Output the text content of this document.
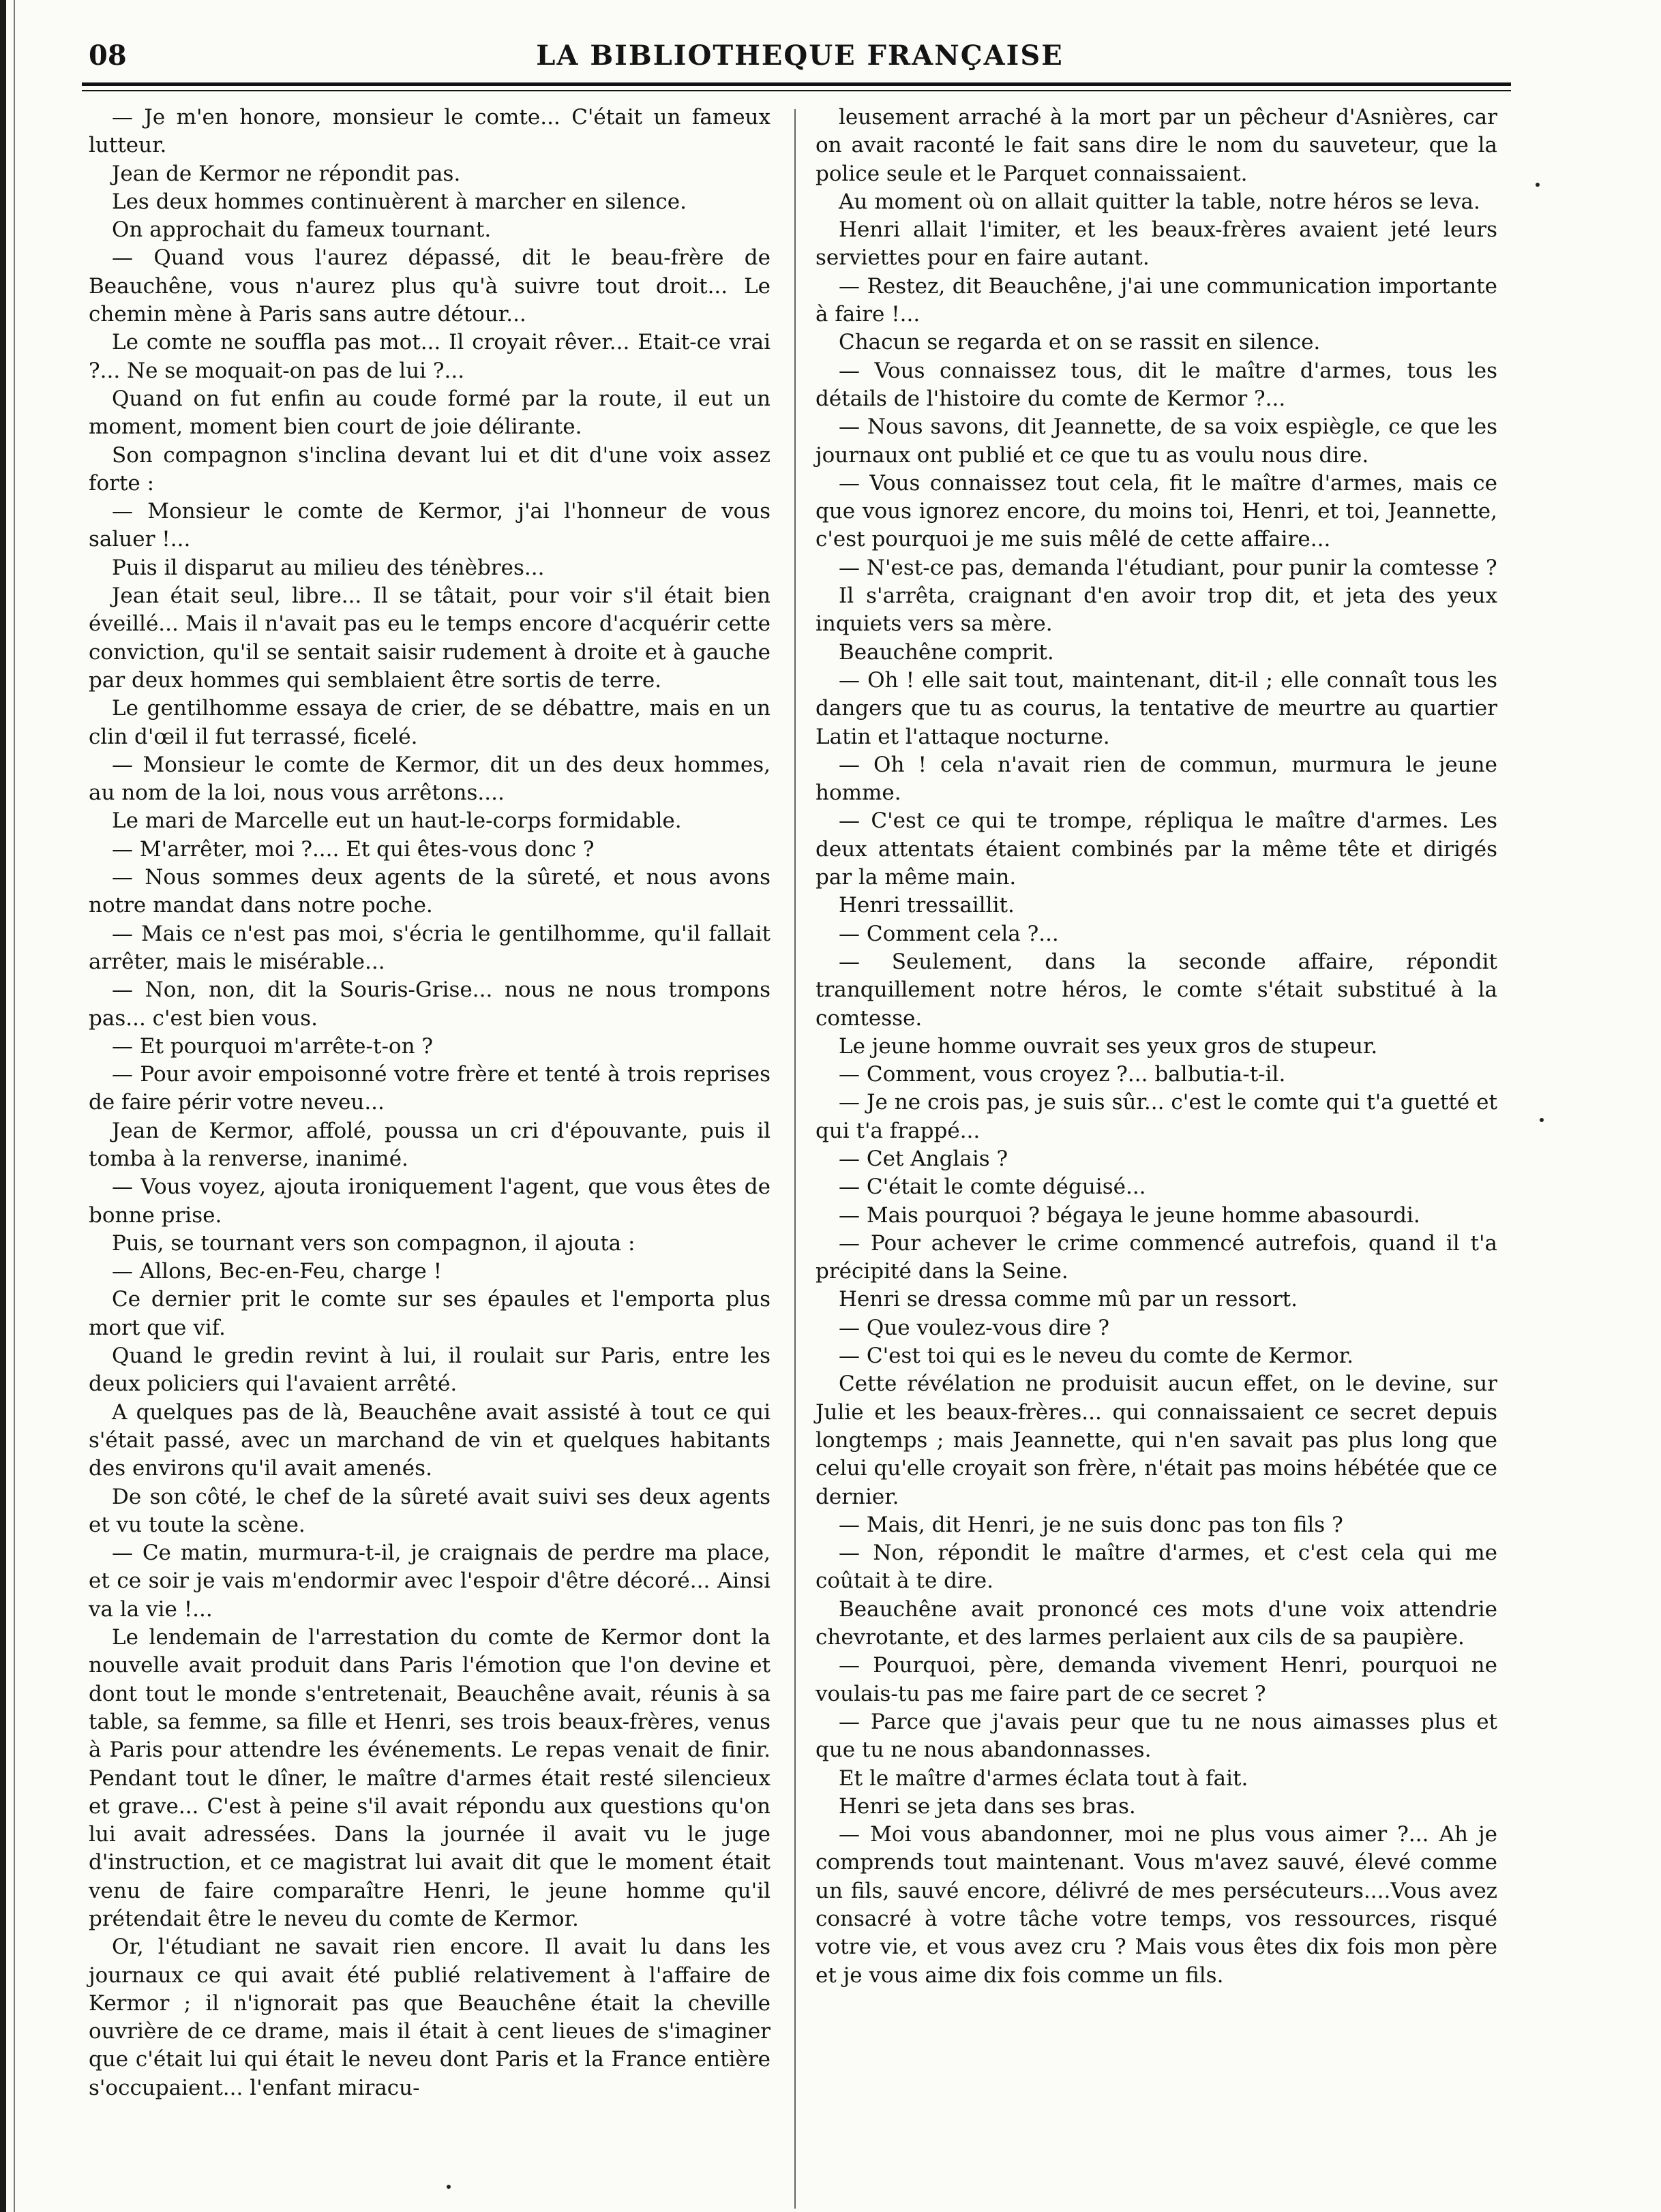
08	LA BIBLIOTHEQUE FRANÇAISE

— Je m'en honore, monsieur le comte... C'était un fameux lutteur.

Jean de Kermor ne répondit pas.

Les deux hommes continuèrent à marcher en silence.

On approchait du fameux tournant.

— Quand vous l'aurez dépassé, dit le beau-frère de Beauchêne, vous n'aurez plus qu'à suivre tout droit... Le chemin mène à Paris sans autre détour...

Le comte ne souffla pas mot... Il croyait rêver... Etait-ce vrai ?... Ne se moquait-on pas de lui ?...

Quand on fut enfin au coude formé par la route, il eut un moment, moment bien court de joie délirante.

Son compagnon s'inclina devant lui et dit d'une voix assez forte :

— Monsieur le comte de Kermor, j'ai l'honneur de vous saluer !...

Puis il disparut au milieu des ténèbres...

Jean était seul, libre... Il se tâtait, pour voir s'il était bien éveillé... Mais il n'avait pas eu le temps encore d'acquérir cette conviction, qu'il se sentait saisir rudement à droite et à gauche par deux hommes qui semblaient être sortis de terre.

Le gentilhomme essaya de crier, de se débattre, mais en un clin d'œil il fut terrassé, ficelé.

— Monsieur le comte de Kermor, dit un des deux hommes, au nom de la loi, nous vous arrêtons....

Le mari de Marcelle eut un haut-le-corps formidable.

— M'arrêter, moi ?.... Et qui êtes-vous donc ?

— Nous sommes deux agents de la sûreté, et nous avons notre mandat dans notre poche.

— Mais ce n'est pas moi, s'écria le gentilhomme, qu'il fallait arrêter, mais le misérable...

— Non, non, dit la Souris-Grise... nous ne nous trompons pas... c'est bien vous.

— Et pourquoi m'arrête-t-on ?

— Pour avoir empoisonné votre frère et tenté à trois reprises de faire périr votre neveu...

Jean de Kermor, affolé, poussa un cri d'épouvante, puis il tomba à la renverse, inanimé.

— Vous voyez, ajouta ironiquement l'agent, que vous êtes de bonne prise.

Puis, se tournant vers son compagnon, il ajouta :

— Allons, Bec-en-Feu, charge !

Ce dernier prit le comte sur ses épaules et l'emporta plus mort que vif.

Quand le gredin revint à lui, il roulait sur Paris, entre les deux policiers qui l'avaient arrêté.

A quelques pas de là, Beauchêne avait assisté à tout ce qui s'était passé, avec un marchand de vin et quelques habitants des environs qu'il avait amenés.

De son côté, le chef de la sûreté avait suivi ses deux agents et vu toute la scène.

— Ce matin, murmura-t-il, je craignais de perdre ma place, et ce soir je vais m'endormir avec l'espoir d'être décoré... Ainsi va la vie !...

Le lendemain de l'arrestation du comte de Kermor dont la nouvelle avait produit dans Paris l'émotion que l'on devine et dont tout le monde s'entretenait, Beauchêne avait, réunis à sa table, sa femme, sa fille et Henri, ses trois beaux-frères, venus à Paris pour attendre les événements. Le repas venait de finir. Pendant tout le dîner, le maître d'armes était resté silencieux et grave... C'est à peine s'il avait répondu aux questions qu'on lui avait adressées. Dans la journée il avait vu le juge d'instruction, et ce magistrat lui avait dit que le moment était venu de faire comparaître Henri, le jeune homme qu'il prétendait être le neveu du comte de Kermor.

Or, l'étudiant ne savait rien encore. Il avait lu dans les journaux ce qui avait été publié relativement à l'affaire de Kermor ; il n'ignorait pas que Beauchêne était la cheville ouvrière de ce drame, mais il était à cent lieues de s'imaginer que c'était lui qui était le neveu dont Paris et la France entière s'occupaient... l'enfant miracu-

leusement arraché à la mort par un pêcheur d'Asnières, car on avait raconté le fait sans dire le nom du sauveteur, que la police seule et le Parquet connaissaient.

Au moment où on allait quitter la table, notre héros se leva.

Henri allait l'imiter, et les beaux-frères avaient jeté leurs serviettes pour en faire autant.

— Restez, dit Beauchêne, j'ai une communication importante à faire !...

Chacun se regarda et on se rassit en silence.

— Vous connaissez tous, dit le maître d'armes, tous les détails de l'histoire du comte de Kermor ?...

— Nous savons, dit Jeannette, de sa voix espiègle, ce que les journaux ont publié et ce que tu as voulu nous dire.

— Vous connaissez tout cela, fit le maître d'armes, mais ce que vous ignorez encore, du moins toi, Henri, et toi, Jeannette, c'est pourquoi je me suis mêlé de cette affaire...

— N'est-ce pas, demanda l'étudiant, pour punir la comtesse ?

Il s'arrêta, craignant d'en avoir trop dit, et jeta des yeux inquiets vers sa mère.

Beauchêne comprit.

— Oh ! elle sait tout, maintenant, dit-il ; elle connaît tous les dangers que tu as courus, la tentative de meurtre au quartier Latin et l'attaque nocturne.

— Oh ! cela n'avait rien de commun, murmura le jeune homme.

— C'est ce qui te trompe, répliqua le maître d'armes. Les deux attentats étaient combinés par la même tête et dirigés par la même main.

Henri tressaillit.

— Comment cela ?...

— Seulement, dans la seconde affaire, répondit tranquillement notre héros, le comte s'était substitué à la comtesse.

Le jeune homme ouvrait ses yeux gros de stupeur.

— Comment, vous croyez ?... balbutia-t-il.

— Je ne crois pas, je suis sûr... c'est le comte qui t'a guetté et qui t'a frappé...

— Cet Anglais ?

— C'était le comte déguisé...

— Mais pourquoi ? bégaya le jeune homme abasourdi.

— Pour achever le crime commencé autrefois, quand il t'a précipité dans la Seine.

Henri se dressa comme mû par un ressort.

— Que voulez-vous dire ?

— C'est toi qui es le neveu du comte de Kermor.

Cette révélation ne produisit aucun effet, on le devine, sur Julie et les beaux-frères... qui connaissaient ce secret depuis longtemps ; mais Jeannette, qui n'en savait pas plus long que celui qu'elle croyait son frère, n'était pas moins hébétée que ce dernier.

— Mais, dit Henri, je ne suis donc pas ton fils ?

— Non, répondit le maître d'armes, et c'est cela qui me coûtait à te dire.

Beauchêne avait prononcé ces mots d'une voix attendrie chevrotante, et des larmes perlaient aux cils de sa paupière.

— Pourquoi, père, demanda vivement Henri, pourquoi ne voulais-tu pas me faire part de ce secret ?

— Parce que j'avais peur que tu ne nous aimasses plus et que tu ne nous abandonnasses.

Et le maître d'armes éclata tout à fait.

Henri se jeta dans ses bras.

— Moi vous abandonner, moi ne plus vous aimer ?... Ah je comprends tout maintenant. Vous m'avez sauvé, élevé comme un fils, sauvé encore, délivré de mes persécuteurs....Vous avez consacré à votre tâche votre temps, vos ressources, risqué votre vie, et vous avez cru ? Mais vous êtes dix fois mon père et je vous aime dix fois comme un fils.
